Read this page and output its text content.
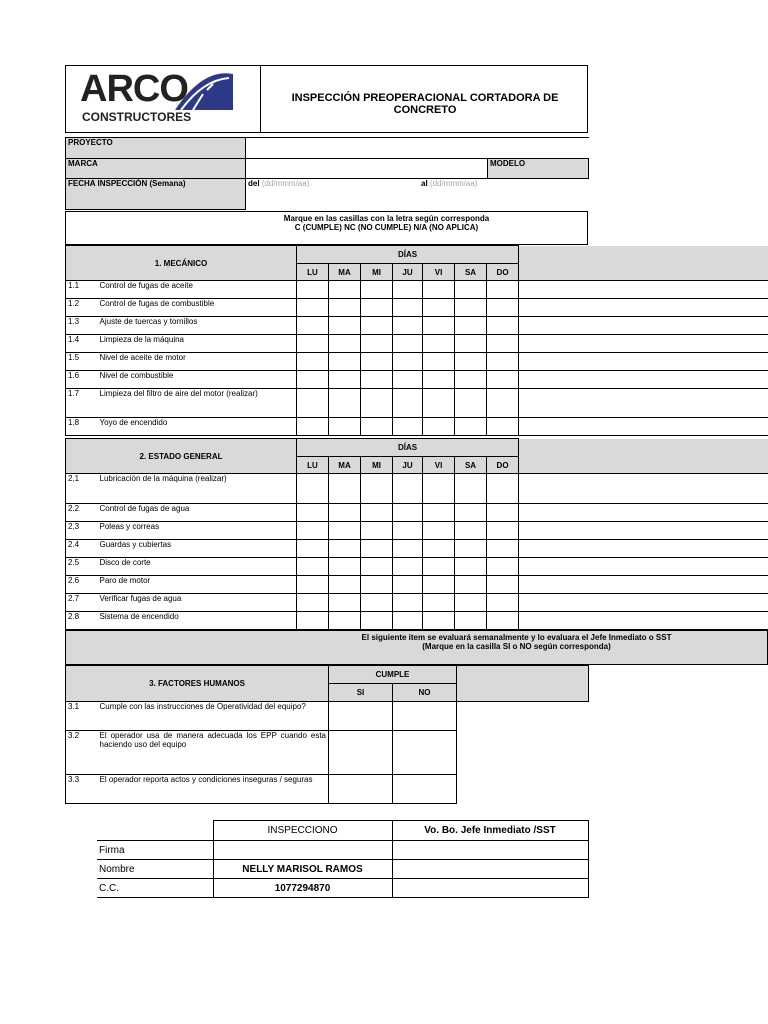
ARCO
CONSTRUCTORES
INSPECCIÓN PREOPERACIONAL CORTADORA DE CONCRETO
PROYECTO		
MARCA		MODELO
FECHA INSPECCIÓN (Semana)	del (dd/mmm/aa) al (dd/mmm/aa)	
Marque en las casillas con la letra según corresponda
C (CUMPLE) NC (NO CUMPLE) N/A (NO APLICA)
1. MECÁNICO		DÍAS							
		LU	MA	MI	JU	VI	SA	DO	
1.1	Control de fugas de aceite								
1.2	Control de fugas de combustible								
1.3	Ajuste de tuercas y tornillos								
1.4	Limpieza de la máquina								
1.5	Nivel de aceite de motor								
1.6	Nivel de combustible								
1.7	Limpieza del filtro de aire del motor (realizar)								
1.8	Yoyo de encendido								
2. ESTADO GENERAL		DÍAS							
		LU	MA	MI	JU	VI	SA	DO	
2.1	Lubricación de la máquina (realizar)								
2.2	Control de fugas de agua								
2.3	Poleas y correas								
2.4	Guardas y cubiertas								
2.5	Disco de corte								
2.6	Paro de motor								
2.7	Verificar fugas de agua								
2.8	Sistema de encendido								
El siguiente item se evaluará semanalmente y lo evaluara el Jefe Inmediato o SST
(Marque en la casilla SI o NO según corresponda)
3. FACTORES HUMANOS		CUMPLE		
		SI	NO	
3.1	Cumple con las instrucciones de Operatividad del equipo?			
3.2	El operador usa de manera adecuada los EPP cuando esta haciendo uso del equipo			
3.3	El operador reporta actos y condiciones inseguras / seguras			
	INSPECCIONO	Vo. Bo. Jefe Inmediato /SST
Firma		
Nombre	NELLY MARISOL RAMOS	
C.C.	1077294870	
